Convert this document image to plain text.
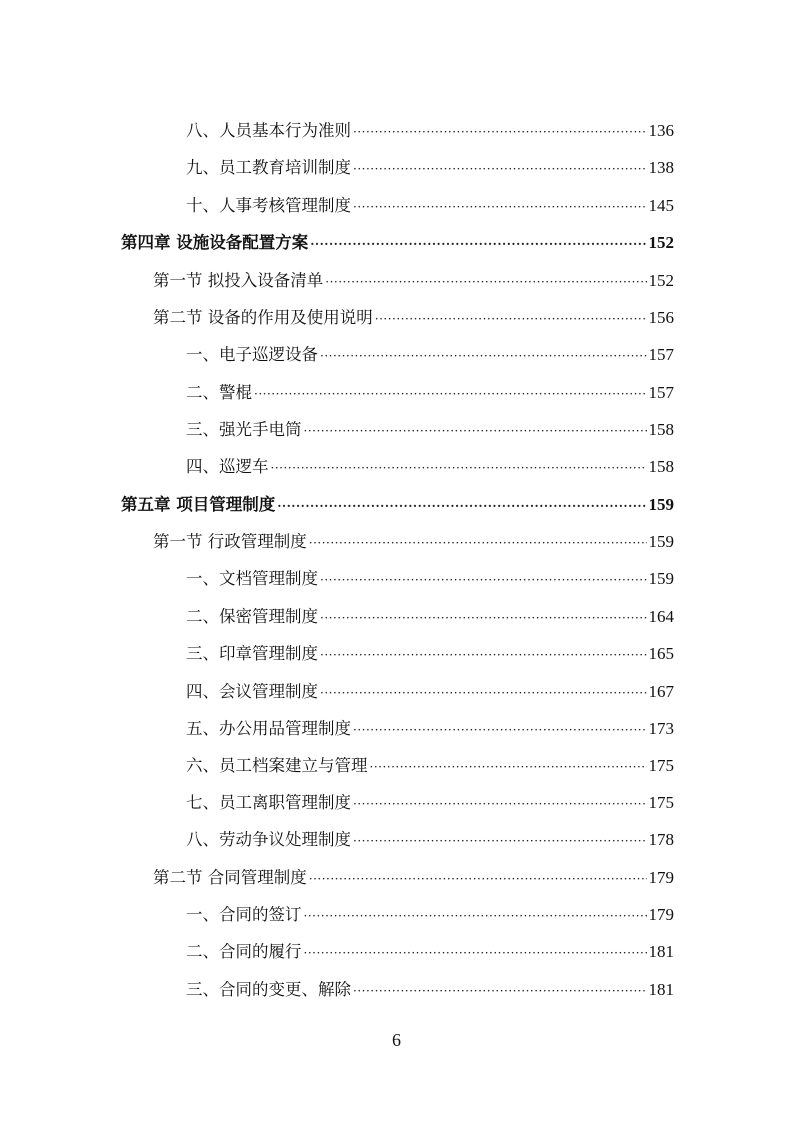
八、人员基本行为准则 ·····	136
九、员工教育培训制度 ·····	138
十、人事考核管理制度 ·····	145
第四章 设施设备配置方案 ·····	152
第一节 拟投入设备清单 ·····	152
第二节 设备的作用及使用说明 ·····	156
一、电子巡逻设备 ·····	157
二、警棍 ·····	157
三、强光手电筒 ·····	158
四、巡逻车 ·····	158
第五章 项目管理制度 ·····	159
第一节 行政管理制度 ·····	159
一、文档管理制度 ·····	159
二、保密管理制度 ·····	164
三、印章管理制度 ·····	165
四、会议管理制度 ·····	167
五、办公用品管理制度 ·····	173
六、员工档案建立与管理 ·····	175
七、员工离职管理制度 ·····	175
八、劳动争议处理制度 ·····	178
第二节 合同管理制度 ·····	179
一、合同的签订 ·····	179
二、合同的履行 ·····	181
三、合同的变更、解除 ·····	181
6
